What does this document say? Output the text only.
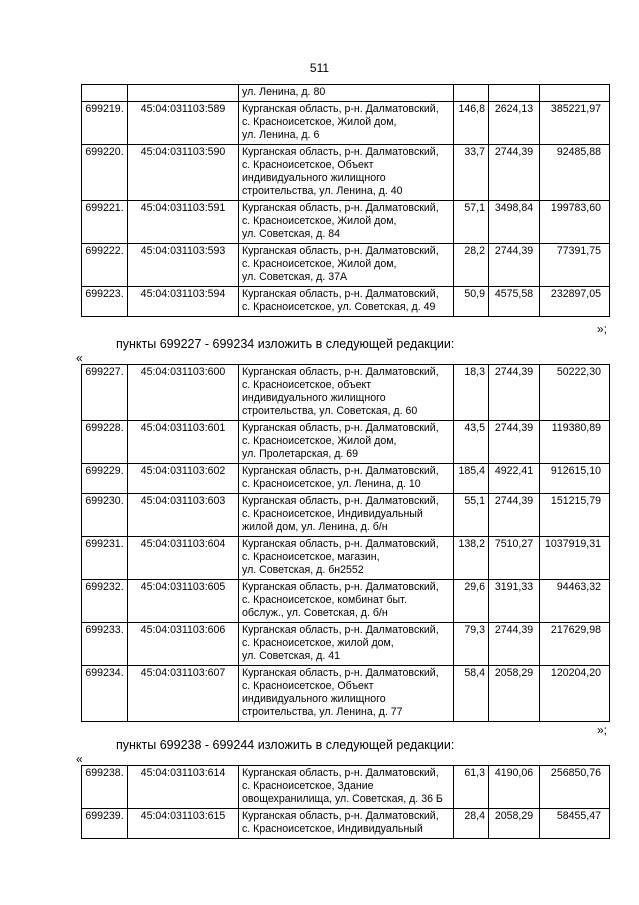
511
		ул. Ленина, д. 80			
699219.	45:04:031103:589	Курганская область, р-н. Далматовский,
с. Красноисетское, Жилой дом,
ул. Ленина, д. 6	146,8	2624,13	385221,97
699220.	45:04:031103:590	Курганская область, р-н. Далматовский,
с. Красноисетское, Объект
индивидуального жилищного
строительства, ул. Ленина, д. 40	33,7	2744,39	92485,88
699221.	45:04:031103:591	Курганская область, р-н. Далматовский,
с. Красноисетское, Жилой дом,
ул. Советская, д. 84	57,1	3498,84	199783,60
699222.	45:04:031103:593	Курганская область, р-н. Далматовский,
с. Красноисетское, Жилой дом,
ул. Советская, д. 37А	28,2	2744,39	77391,75
699223.	45:04:031103:594	Курганская область, р-н. Далматовский,
с. Красноисетское, ул. Советская, д. 49	50,9	4575,58	232897,05
»;
пункты 699227 - 699234 изложить в следующей редакции:
«
699227.	45:04:031103:600	Курганская область, р-н. Далматовский,
с. Красноисетское, объект
индивидуального жилищного
строительства, ул. Советская, д. 60	18,3	2744,39	50222,30
699228.	45:04:031103:601	Курганская область, р-н. Далматовский,
с. Красноисетское, Жилой дом,
ул. Пролетарская, д. 69	43,5	2744,39	119380,89
699229.	45:04:031103:602	Курганская область, р-н. Далматовский,
с. Красноисетское, ул. Ленина, д. 10	185,4	4922,41	912615,10
699230.	45:04:031103:603	Курганская область, р-н. Далматовский,
с. Красноисетское, Индивидуальный
жилой дом, ул. Ленина, д. б/н	55,1	2744,39	151215,79
699231.	45:04:031103:604	Курганская область, р-н. Далматовский,
с. Красноисетское, магазин,
ул. Советская, д. бн2552	138,2	7510,27	1037919,31
699232.	45:04:031103:605	Курганская область, р-н. Далматовский,
с. Красноисетское, комбинат быт.
обслуж., ул. Советская, д. б/н	29,6	3191,33	94463,32
699233.	45:04:031103:606	Курганская область, р-н. Далматовский,
с. Красноисетское, жилой дом,
ул. Советская, д. 41	79,3	2744,39	217629,98
699234.	45:04:031103:607	Курганская область, р-н. Далматовский,
с. Красноисетское, Объект
индивидуального жилищного
строительства, ул. Ленина, д. 77	58,4	2058,29	120204,20
»;
пункты 699238 - 699244 изложить в следующей редакции:
«
699238.	45:04:031103:614	Курганская область, р-н. Далматовский,
с. Красноисетское, Здание
овощехранилища, ул. Советская, д. 36 Б	61,3	4190,06	256850,76
699239.	45:04:031103:615	Курганская область, р-н. Далматовский,
с. Красноисетское, Индивидуальный	28,4	2058,29	58455,47
